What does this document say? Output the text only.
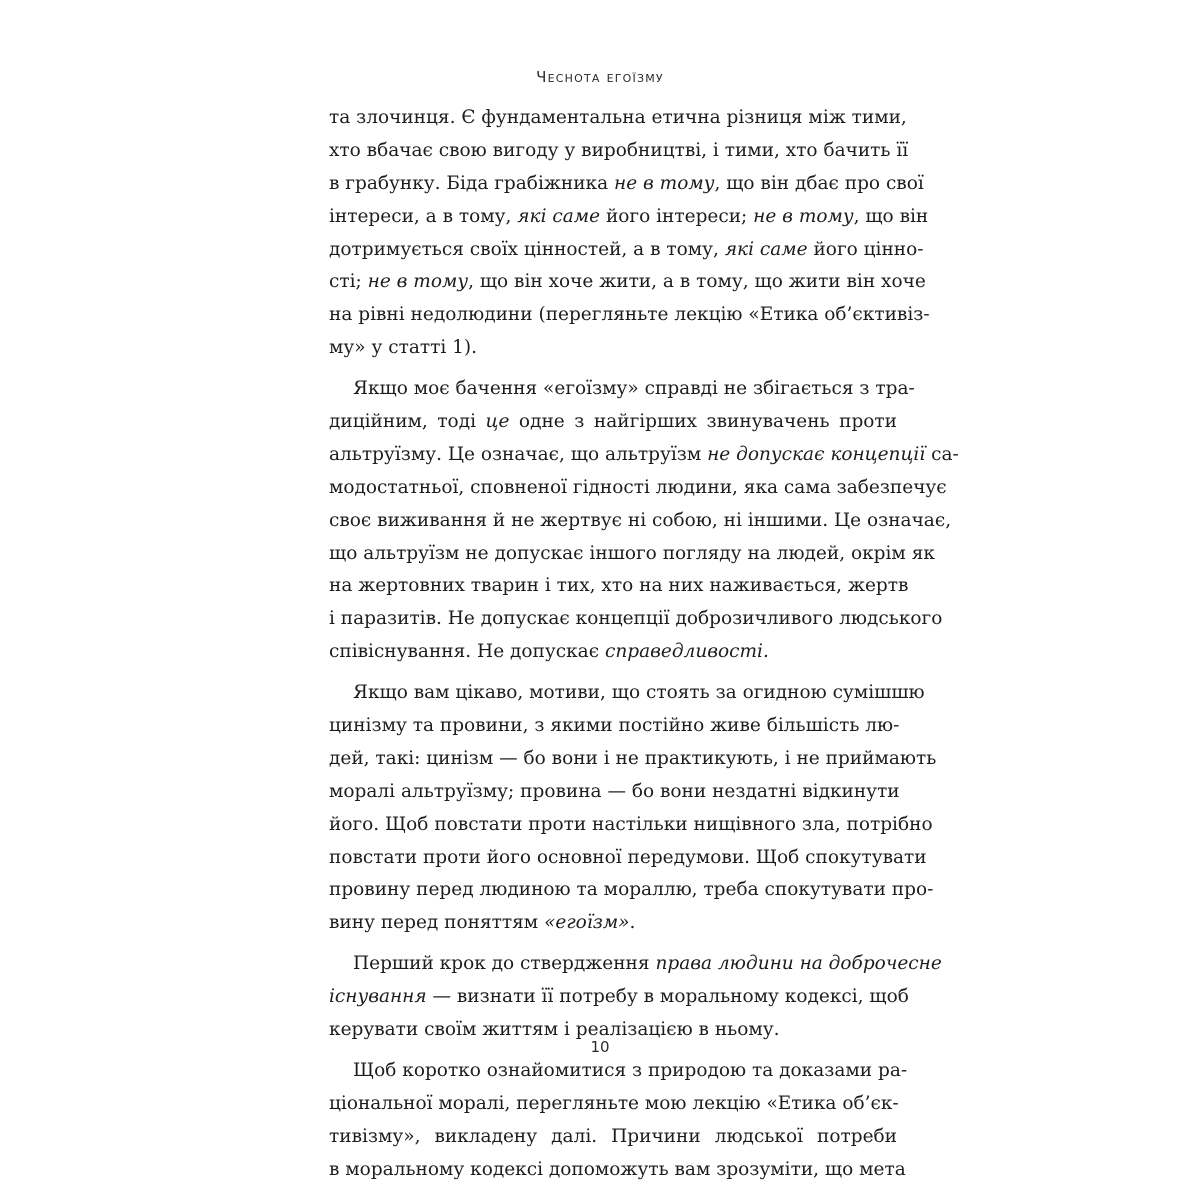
Чеснота егоїзму
та злочинця. Є фундаментальна етична різниця між тими,
хто вбачає свою вигоду у виробництві, і тими, хто бачить її
в грабунку. Біда грабіжника не в тому, що він дбає про свої
інтереси, а в тому, які саме його інтереси; не в тому, що він
дотримується своїх цінностей, а в тому, які саме його цінно-
сті; не в тому, що він хоче жити, а в тому, що жити він хоче
на рівні недолюдини (перегляньте лекцію «Етика об’єктивіз-
му» у статті 1).
Якщо моє бачення «егоїзму» справді не збігається з тра-
диційним, тоді це одне з найгірших звинувачень проти
альтруїзму. Це означає, що альтруїзм не допускає концепції са-
модостатньої, сповненої гідності людини, яка сама забезпечує
своє виживання й не жертвує ні собою, ні іншими. Це означає,
що альтруїзм не допускає іншого погляду на людей, окрім як
на жертовних тварин і тих, хто на них наживається, жертв
і паразитів. Не допускає концепції доброзичливого людського
співіснування. Не допускає справедливості.
Якщо вам цікаво, мотиви, що стоять за огидною сумішшю
цинізму та провини, з якими постійно живе більшість лю-
дей, такі: цинізм — бо вони і не практикують, і не приймають
моралі альтруїзму; провина — бо вони нездатні відкинути
його. Щоб повстати проти настільки нищівного зла, потрібно
повстати проти його основної передумови. Щоб спокутувати
провину перед людиною та мораллю, треба спокутувати про-
вину перед поняттям «егоїзм».
Перший крок до ствердження права людини на доброчесне
існування — визнати її потребу в моральному кодексі, щоб
керувати своїм життям і реалізацією в ньому.
Щоб коротко ознайомитися з природою та доказами ра-
ціональної моралі, перегляньте мою лекцію «Етика об’єк-
тивізму», викладену далі. Причини людської потреби
в моральному кодексі допоможуть вам зрозуміти, що мета
10
